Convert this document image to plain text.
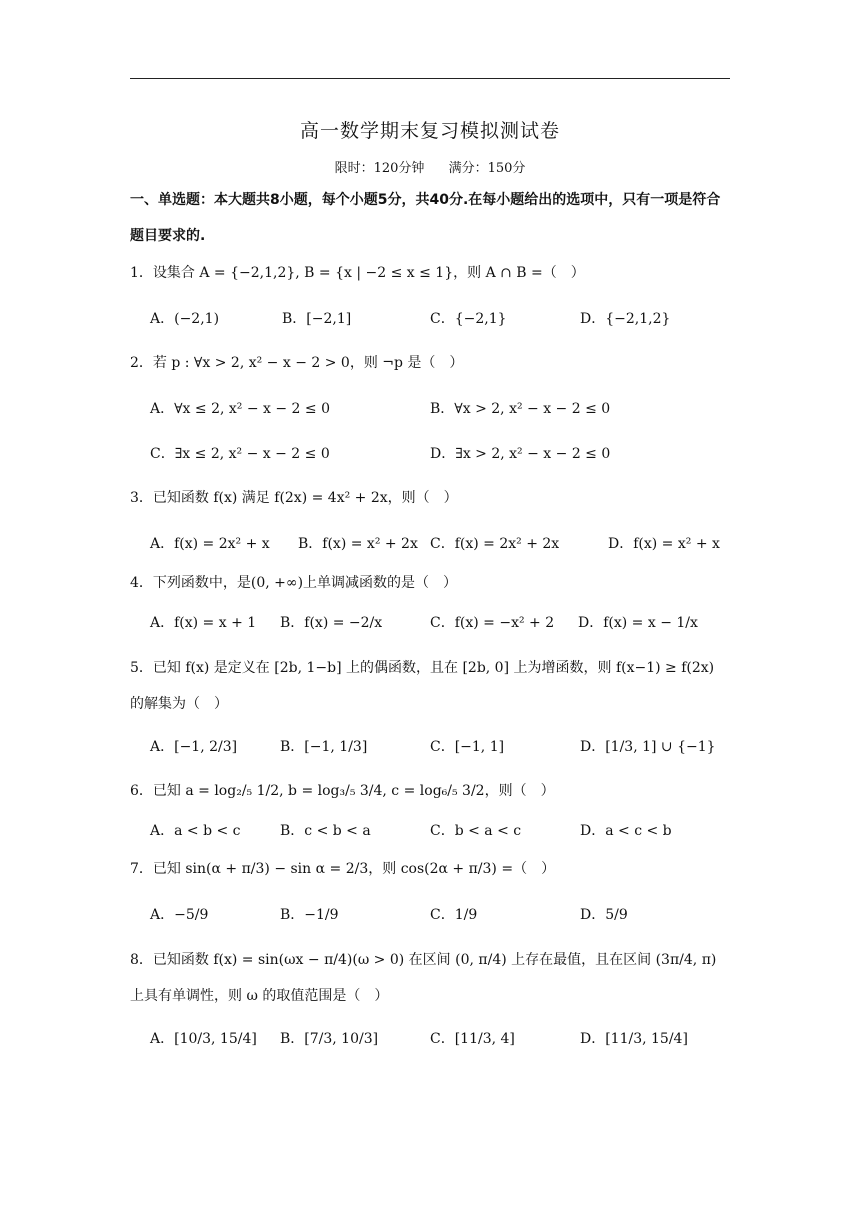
高一数学期末复习模拟测试卷
限时：120分钟 满分：150分
一、单选题：本大题共8小题，每个小题5分，共40分.在每小题给出的选项中，只有一项是符合题目要求的.
1．设集合 A = {−2,1,2}, B = {x | −2 ≤ x ≤ 1}，则 A ∩ B =（　）
A．(−2,1)	B．[−2,1]	C．{−2,1}	D．{−2,1,2}
2．若 p : ∀x > 2, x² − x − 2 > 0，则 ¬p 是（　）
A．∀x ≤ 2, x² − x − 2 ≤ 0	B．∀x > 2, x² − x − 2 ≤ 0
C．∃x ≤ 2, x² − x − 2 ≤ 0	D．∃x > 2, x² − x − 2 ≤ 0
3．已知函数 f(x) 满足 f(2x) = 4x² + 2x，则（　）
A．f(x) = 2x² + x B．f(x) = x² + 2x C．f(x) = 2x² + 2x	D．f(x) = x² + x
4．下列函数中，是(0, +∞)上单调减函数的是（　）
A．f(x) = x + 1 B．f(x) = −2/x	C．f(x) = −x² + 2 D．f(x) = x − 1/x
5．已知 f(x) 是定义在 [2b, 1−b] 上的偶函数，且在 [2b, 0] 上为增函数，则 f(x−1) ≥ f(2x) 的解集为（　）
A．[−1, 2/3]	B．[−1, 1/3]	C．[−1, 1]	D．[1/3, 1] ∪ {−1}
6．已知 a = log₂/₅ 1/2, b = log₃/₅ 3/4, c = log₆/₅ 3/2，则（　）
A．a < b < c	B．c < b < a	C．b < a < c	D．a < c < b
7．已知 sin(α + π/3) − sin α = 2/3，则 cos(2α + π/3) =（　）
A．−5/9	B．−1/9	C．1/9	D．5/9
8．已知函数 f(x) = sin(ωx − π/4)(ω > 0) 在区间 (0, π/4) 上存在最值，且在区间 (3π/4, π) 上具有单调性，则 ω 的取值范围是（　）
A．[10/3, 15/4] B．[7/3, 10/3]	C．[11/3, 4]	D．[11/3, 15/4]
